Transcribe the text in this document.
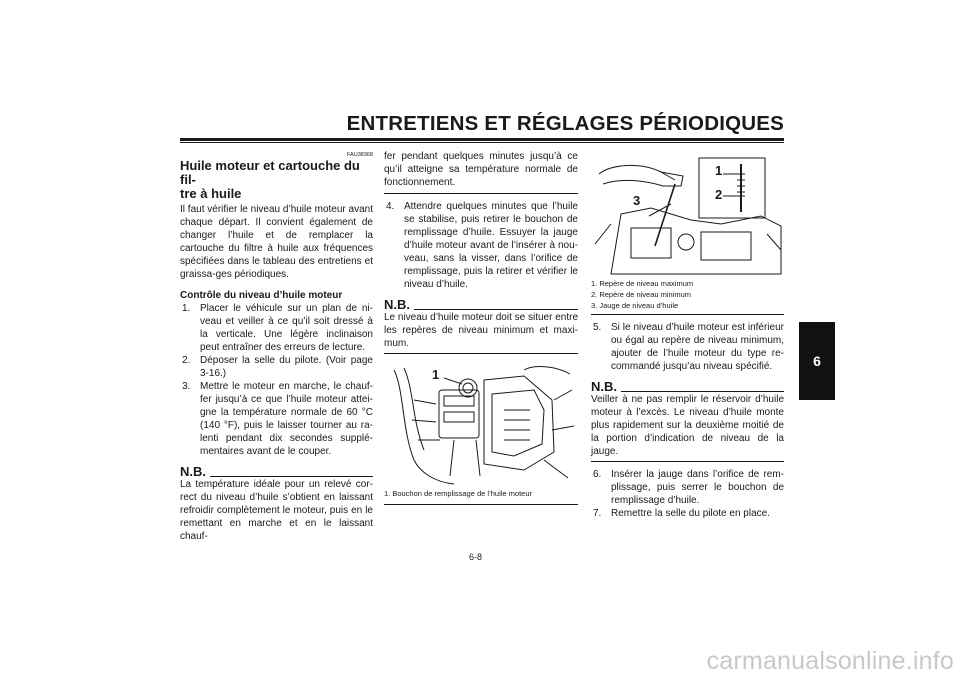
ENTRETIENS ET RÉGLAGES PÉRIODIQUES
6
FAU38368
Huile moteur et cartouche du fil-
tre à huile

Il faut vérifier le niveau d’huile moteur avant chaque départ. Il convient également de changer l’huile et de remplacer la cartouche du filtre à huile aux fréquences spécifiées dans le tableau des entretiens et graissa-ges périodiques.

Contrôle du niveau d’huile moteur

1. Placer le véhicule sur un plan de ni-veau et veiller à ce qu’il soit dressé à la verticale. Une légère inclinaison peut entraîner des erreurs de lecture.
2. Déposer la selle du pilote. (Voir page 3-16.)
3. Mettre le moteur en marche, le chauf-fer jusqu’à ce que l’huile moteur attei-gne la température normale de 60 °C (140 °F), puis le laisser tourner au ra-lenti pendant dix secondes supplé-mentaires avant de le couper.
N.B.

La température idéale pour un relevé cor-rect du niveau d’huile s’obtient en laissant refroidir complètement le moteur, puis en le remettant en marche et en le laissant chauf-

fer pendant quelques minutes jusqu’à ce qu’il atteigne sa température normale de fonctionnement.

4. Attendre quelques minutes que l’huile se stabilise, puis retirer le bouchon de remplissage d’huile. Essuyer la jauge d’huile moteur avant de l’insérer à nou-veau, sans la visser, dans l’orifice de remplissage, puis la retirer et vérifier le niveau d’huile.
N.B.

Le niveau d’huile moteur doit se situer entre les repères de niveau minimum et maxi-mum.

1
1. Bouchon de remplissage de l’huile moteur
1
2
3
1. Repère de niveau maximum
2. Repère de niveau minimum
3. Jauge de niveau d’huile
5. Si le niveau d’huile moteur est inférieur ou égal au repère de niveau minimum, ajouter de l’huile moteur du type re-commandé jusqu’au niveau spécifié.
N.B.

Veiller à ne pas remplir le réservoir d’huile moteur à l’excès. Le niveau d’huile monte plus rapidement sur la deuxième moitié de la portion d’indication de niveau de la jauge.

6. Insérer la jauge dans l’orifice de rem-plissage, puis serrer le bouchon de remplissage d’huile.
7. Remettre la selle du pilote en place.
6-8
carmanualsonline.info
